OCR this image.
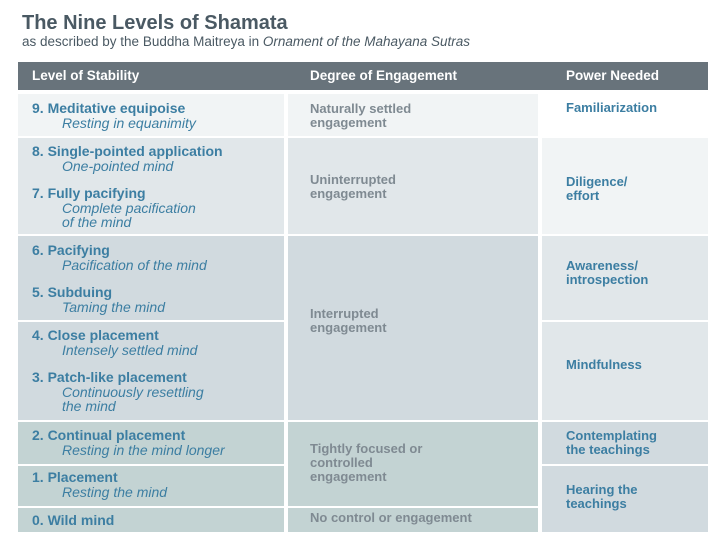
The Nine Levels of Shamata
as described by the Buddha Maitreya in Ornament of the Mahayana Sutras
Level of Stability	Degree of Engagement	Power Needed
9. Meditative equipoise
Resting in equanimity
8. Single-pointed application
One-pointed mind
7. Fully pacifying
Complete pacification
of the mind
6. Pacifying
Pacification of the mind
5. Subduing
Taming the mind
4. Close placement
Intensely settled mind
3. Patch-like placement
Continuously resettling
the mind
2. Continual placement
Resting in the mind longer
1. Placement
Resting the mind
0. Wild mind
Naturally settled
engagement
Uninterrupted
engagement
Interrupted
engagement
Tightly focused or
controlled
engagement
No control or engagement
Familiarization
Diligence/
effort
Awareness/
introspection
Mindfulness
Contemplating
the teachings
Hearing the
teachings
